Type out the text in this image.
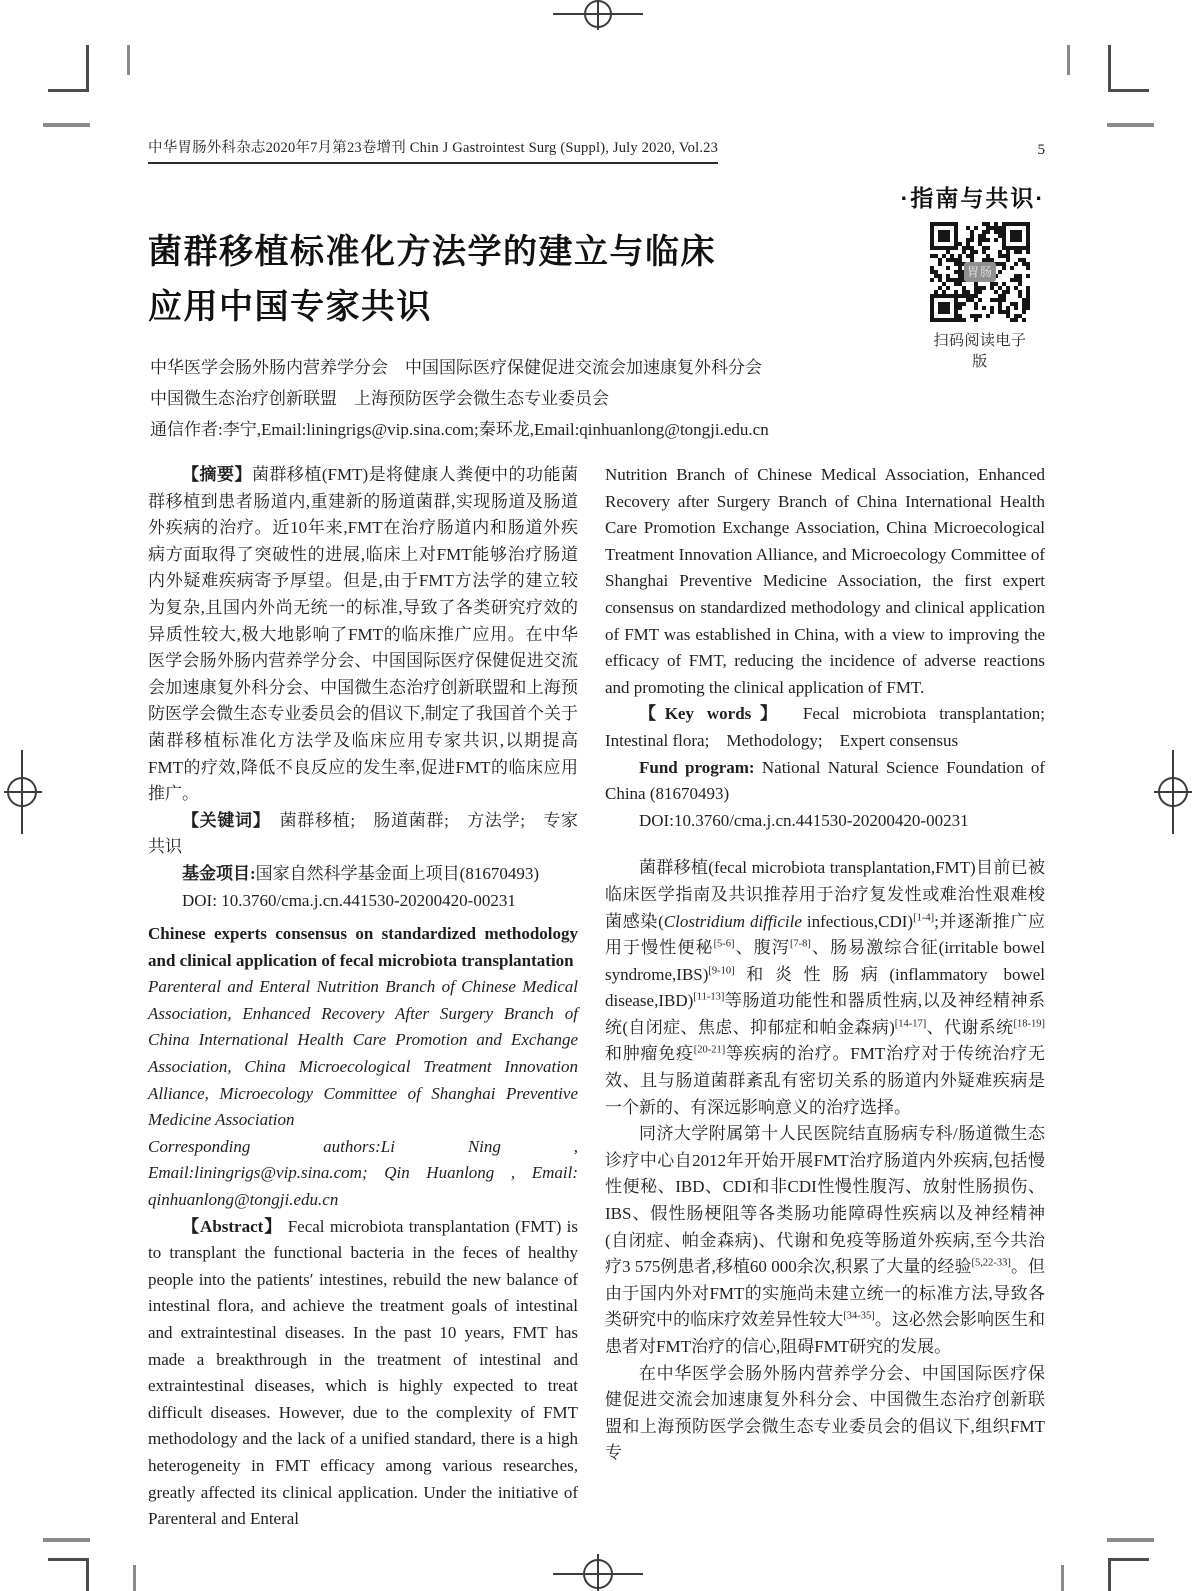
中华胃肠外科杂志2020年7月第23卷增刊 Chin J Gastrointest Surg (Suppl), July 2020, Vol.23	5
·指南与共识·
菌群移植标准化方法学的建立与临床
应用中国专家共识
胃肠
扫码阅读电子版
中华医学会肠外肠内营养学分会　中国国际医疗保健促进交流会加速康复外科分会
中国微生态治疗创新联盟　上海预防医学会微生态专业委员会
通信作者:李宁,Email:liningrigs@vip.sina.com;秦环龙,Email:qinhuanlong@tongji.edu.cn

【摘要】菌群移植(FMT)是将健康人粪便中的功能菌群移植到患者肠道内,重建新的肠道菌群,实现肠道及肠道外疾病的治疗。近10年来,FMT在治疗肠道内和肠道外疾病方面取得了突破性的进展,临床上对FMT能够治疗肠道内外疑难疾病寄予厚望。但是,由于FMT方法学的建立较为复杂,且国内外尚无统一的标准,导致了各类研究疗效的异质性较大,极大地影响了FMT的临床推广应用。在中华医学会肠外肠内营养学分会、中国国际医疗保健促进交流会加速康复外科分会、中国微生态治疗创新联盟和上海预防医学会微生态专业委员会的倡议下,制定了我国首个关于菌群移植标准化方法学及临床应用专家共识,以期提高FMT的疗效,降低不良反应的发生率,促进FMT的临床应用推广。

【关键词】　 菌群移植;　肠道菌群;　方法学;　专家共识

基金项目:国家自然科学基金面上项目(81670493)

DOI: 10.3760/cma.j.cn.441530-20200420-00231

Chinese experts consensus on standardized methodology and clinical application of fecal microbiota transplantation

Parenteral and Enteral Nutrition Branch of Chinese Medical Association, Enhanced Recovery After Surgery Branch of China International Health Care Promotion and Exchange Association, China Microecological Treatment Innovation Alliance, Microecology Committee of Shanghai Preventive Medicine Association

Corresponding authors:Li Ning , Email:liningrigs@vip.sina.com; Qin Huanlong , Email: qinhuanlong@tongji.edu.cn

【Abstract】 Fecal microbiota transplantation (FMT) is to transplant the functional bacteria in the feces of healthy people into the patients′ intestines, rebuild the new balance of intestinal flora, and achieve the treatment goals of intestinal and extraintestinal diseases. In the past 10 years, FMT has made a breakthrough in the treatment of intestinal and extraintestinal diseases, which is highly expected to treat difficult diseases. However, due to the complexity of FMT methodology and the lack of a unified standard, there is a high heterogeneity in FMT efficacy among various researches, greatly affected its clinical application. Under the initiative of Parenteral and Enteral

Nutrition Branch of Chinese Medical Association, Enhanced Recovery after Surgery Branch of China International Health Care Promotion Exchange Association, China Microecological Treatment Innovation Alliance, and Microecology Committee of Shanghai Preventive Medicine Association, the first expert consensus on standardized methodology and clinical application of FMT was established in China, with a view to improving the efficacy of FMT, reducing the incidence of adverse reactions and promoting the clinical application of FMT.

【Key words】　 Fecal microbiota transplantation;　Intestinal flora;　Methodology;　Expert consensus

Fund program: National Natural Science Foundation of China (81670493)

DOI:10.3760/cma.j.cn.441530-20200420-00231

菌群移植(fecal microbiota transplantation,FMT)目前已被临床医学指南及共识推荐用于治疗复发性或难治性艰难梭菌感染(Clostridium difficile infectious,CDI)[1-4];并逐渐推广应用于慢性便秘[5-6]、腹泻[7-8]、肠易激综合征(irritable bowel syndrome,IBS)[9-10]和炎性肠病(inflammatory bowel disease,IBD)[11-13]等肠道功能性和器质性病,以及神经精神系统(自闭症、焦虑、抑郁症和帕金森病)[14-17]、代谢系统[18-19]和肿瘤免疫[20-21]等疾病的治疗。FMT治疗对于传统治疗无效、且与肠道菌群紊乱有密切关系的肠道内外疑难疾病是一个新的、有深远影响意义的治疗选择。

同济大学附属第十人民医院结直肠病专科/肠道微生态诊疗中心自2012年开始开展FMT治疗肠道内外疾病,包括慢性便秘、IBD、CDI和非CDI性慢性腹泻、放射性肠损伤、IBS、假性肠梗阻等各类肠功能障碍性疾病以及神经精神(自闭症、帕金森病)、代谢和免疫等肠道外疾病,至今共治疗3 575例患者,移植60 000余次,积累了大量的经验[5,22-33]。但由于国内外对FMT的实施尚未建立统一的标准方法,导致各类研究中的临床疗效差异性较大[34-35]。这必然会影响医生和患者对FMT治疗的信心,阻碍FMT研究的发展。

在中华医学会肠外肠内营养学分会、中国国际医疗保健促进交流会加速康复外科分会、中国微生态治疗创新联盟和上海预防医学会微生态专业委员会的倡议下,组织FMT专
